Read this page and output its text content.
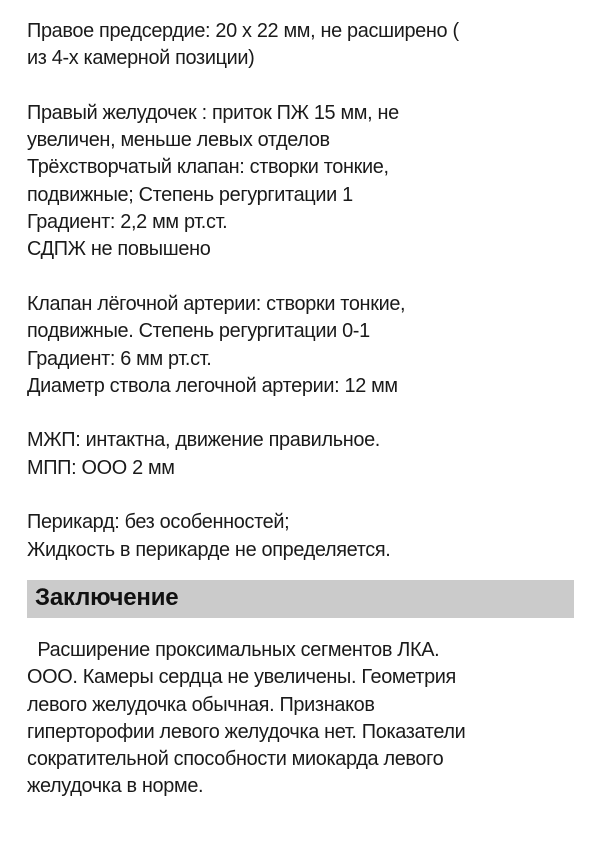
Правое предсердие: 20 х 22 мм, не расширено (
из 4-х камерной позиции)
Правый желудочек : приток ПЖ 15 мм, не
увеличен, меньше левых отделов
Трёхстворчатый клапан: створки тонкие,
подвижные; Степень регургитации 1
Градиент: 2,2 мм рт.ст.
СДПЖ не повышено
Клапан лёгочной артерии: створки тонкие,
подвижные. Степень регургитации 0-1
Градиент: 6 мм рт.ст.
Диаметр ствола легочной артерии: 12 мм
МЖП: интактна, движение правильное.
МПП: ООО 2 мм
Перикард: без особенностей;
Жидкость в перикарде не определяется.
Заключение
Расширение проксимальных сегментов ЛКА.
ООО. Камеры сердца не увеличены. Геометрия
левого желудочка обычная. Признаков
гиперторофии левого желудочка нет. Показатели
сократительной способности миокарда левого
желудочка в норме.
